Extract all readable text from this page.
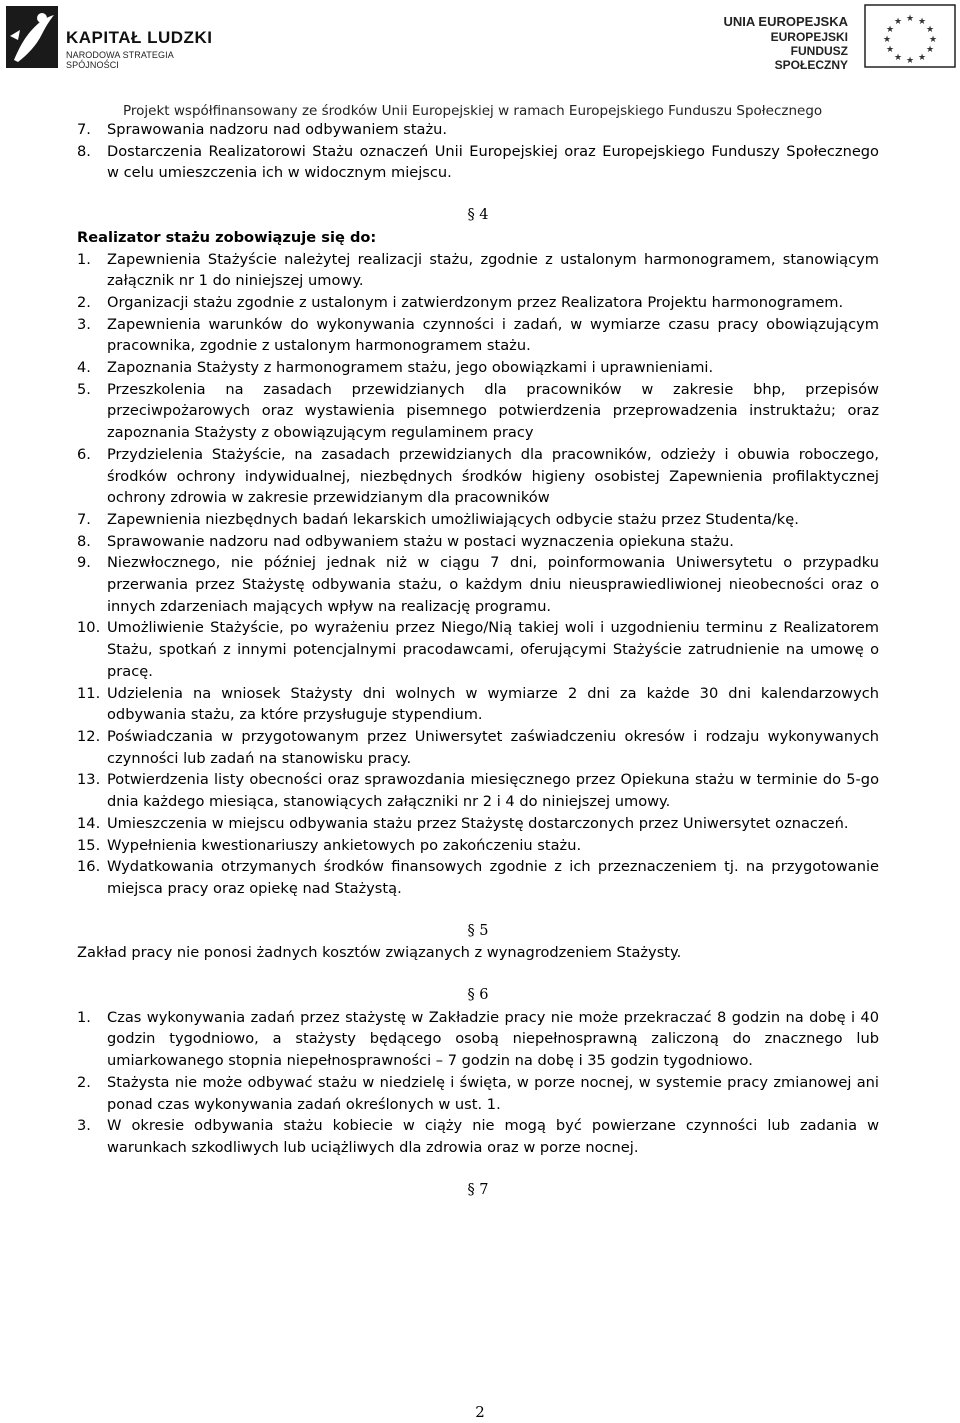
KAPITAŁ LUDZKI
NARODOWA STRATEGIA SPÓJNOŚCI
UNIA EUROPEJSKA
EUROPEJSKI
FUNDUSZ SPOŁECZNY
★ ★
★
★
★
★
★
★
★
★
★
★
Projekt współfinansowany ze środków Unii Europejskiej w ramach Europejskiego Funduszu Społecznego
7.	Sprawowania nadzoru nad odbywaniem stażu.
8.	Dostarczenia Realizatorowi Stażu oznaczeń Unii Europejskiej oraz Europejskiego Funduszy Społecznego w celu umieszczenia ich w widocznym miejscu.
§ 4
Realizator stażu zobowiązuje się do:
1.	Zapewnienia Stażyście należytej realizacji stażu, zgodnie z ustalonym harmonogramem, stanowiącym załącznik nr 1 do niniejszej umowy.
2.	Organizacji stażu zgodnie z ustalonym i zatwierdzonym przez Realizatora Projektu harmonogramem.
3.	Zapewnienia warunków do wykonywania czynności i zadań, w wymiarze czasu pracy obowiązującym pracownika, zgodnie z ustalonym harmonogramem stażu.
4.	Zapoznania Stażysty z harmonogramem stażu, jego obowiązkami i uprawnieniami.
5.	Przeszkolenia na zasadach przewidzianych dla pracowników w zakresie bhp, przepisów przeciwpożarowych oraz wystawienia pisemnego potwierdzenia przeprowadzenia instruktażu; oraz zapoznania Stażysty z obowiązującym regulaminem pracy
6.	Przydzielenia Stażyście, na zasadach przewidzianych dla pracowników, odzieży i obuwia roboczego, środków ochrony indywidualnej, niezbędnych środków higieny osobistej Zapewnienia profilaktycznej ochrony zdrowia w zakresie przewidzianym dla pracowników
7.	Zapewnienia niezbędnych badań lekarskich umożliwiających odbycie stażu przez Studenta/kę.
8.	Sprawowanie nadzoru nad odbywaniem stażu w postaci wyznaczenia opiekuna stażu.
9.	Niezwłocznego, nie później jednak niż w ciągu 7 dni, poinformowania Uniwersytetu o przypadku przerwania przez Stażystę odbywania stażu, o każdym dniu nieusprawiedliwionej nieobecności oraz o innych zdarzeniach mających wpływ na realizację programu.
10. Umożliwienie Stażyście, po wyrażeniu przez Niego/Nią takiej woli i uzgodnieniu terminu z Realizatorem Stażu, spotkań z innymi potencjalnymi pracodawcami, oferującymi Stażyście zatrudnienie na umowę o pracę.
11. Udzielenia na wniosek Stażysty dni wolnych w wymiarze 2 dni za każde 30 dni kalendarzowych odbywania stażu, za które przysługuje stypendium.
12. Poświadczania w przygotowanym przez Uniwersytet zaświadczeniu okresów i rodzaju wykonywanych czynności lub zadań na stanowisku pracy.
13. Potwierdzenia listy obecności oraz sprawozdania miesięcznego przez Opiekuna stażu w terminie do 5-go dnia każdego miesiąca, stanowiących załączniki nr 2 i 4 do niniejszej umowy.
14. Umieszczenia w miejscu odbywania stażu przez Stażystę dostarczonych przez Uniwersytet oznaczeń.
15. Wypełnienia kwestionariuszy ankietowych po zakończeniu stażu.
16. Wydatkowania otrzymanych środków finansowych zgodnie z ich przeznaczeniem tj. na przygotowanie miejsca pracy oraz opiekę nad Stażystą.
§ 5
Zakład pracy nie ponosi żadnych kosztów związanych z wynagrodzeniem Stażysty.
§ 6
1.	Czas wykonywania zadań przez stażystę w Zakładzie pracy nie może przekraczać 8 godzin na dobę i 40 godzin tygodniowo, a stażysty będącego osobą niepełnosprawną zaliczoną do znacznego lub umiarkowanego stopnia niepełnosprawności – 7 godzin na dobę i 35 godzin tygodniowo.
2.	Stażysta nie może odbywać stażu w niedzielę i święta, w porze nocnej, w systemie pracy zmianowej ani ponad czas wykonywania zadań określonych w ust. 1.
3.	W okresie odbywania stażu kobiecie w ciąży nie mogą być powierzane czynności lub zadania w warunkach szkodliwych lub uciążliwych dla zdrowia oraz w porze nocnej.
§ 7
2
